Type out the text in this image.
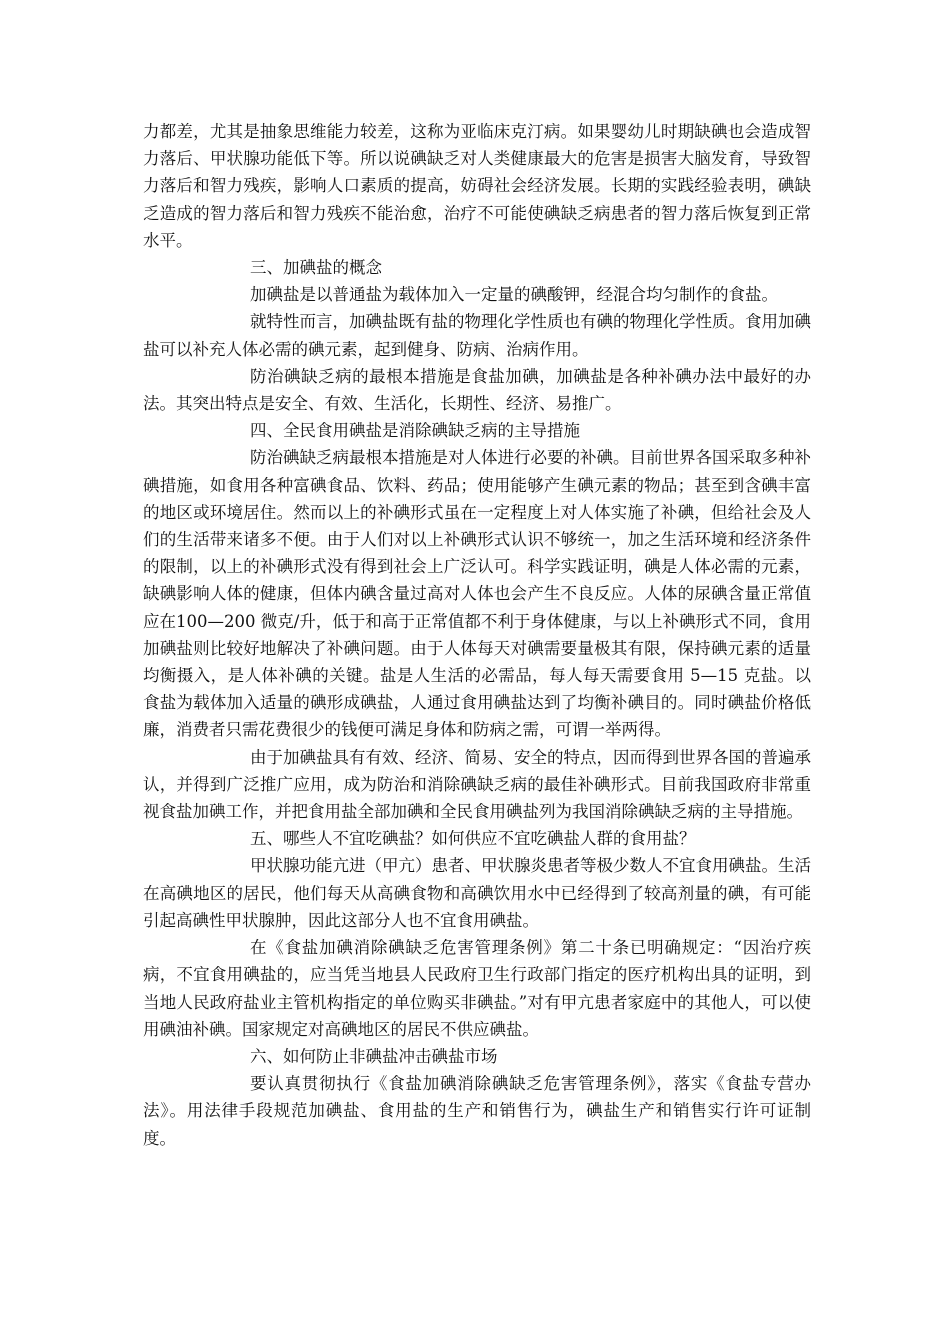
力都差，尤其是抽象思维能力较差，这称为亚临床克汀病。如果婴幼儿时期缺碘也会造成智力落后、甲状腺功能低下等。所以说碘缺乏对人类健康最大的危害是损害大脑发育，导致智力落后和智力残疾，影响人口素质的提高，妨碍社会经济发展。长期的实践经验表明，碘缺乏造成的智力落后和智力残疾不能治愈，治疗不可能使碘缺乏病患者的智力落后恢复到正常水平。

三、加碘盐的概念

加碘盐是以普通盐为载体加入一定量的碘酸钾，经混合均匀制作的食盐。

就特性而言，加碘盐既有盐的物理化学性质也有碘的物理化学性质。食用加碘盐可以补充人体必需的碘元素，起到健身、防病、治病作用。

防治碘缺乏病的最根本措施是食盐加碘，加碘盐是各种补碘办法中最好的办法。其突出特点是安全、有效、生活化，长期性、经济、易推广。

四、全民食用碘盐是消除碘缺乏病的主导措施

防治碘缺乏病最根本措施是对人体进行必要的补碘。目前世界各国采取多种补碘措施，如食用各种富碘食品、饮料、药品；使用能够产生碘元素的物品；甚至到含碘丰富的地区或环境居住。然而以上的补碘形式虽在一定程度上对人体实施了补碘，但给社会及人们的生活带来诸多不便。由于人们对以上补碘形式认识不够统一，加之生活环境和经济条件的限制，以上的补碘形式没有得到社会上广泛认可。科学实践证明，碘是人体必需的元素，缺碘影响人体的健康，但体内碘含量过高对人体也会产生不良反应。人体的尿碘含量正常值应在100—200 微克/升，低于和高于正常值都不利于身体健康，与以上补碘形式不同，食用加碘盐则比较好地解决了补碘问题。由于人体每天对碘需要量极其有限，保持碘元素的适量均衡摄入，是人体补碘的关键。盐是人生活的必需品，每人每天需要食用 5—15 克盐。以食盐为载体加入适量的碘形成碘盐，人通过食用碘盐达到了均衡补碘目的。同时碘盐价格低廉，消费者只需花费很少的钱便可满足身体和防病之需，可谓一举两得。

由于加碘盐具有有效、经济、简易、安全的特点，因而得到世界各国的普遍承认，并得到广泛推广应用，成为防治和消除碘缺乏病的最佳补碘形式。目前我国政府非常重视食盐加碘工作，并把食用盐全部加碘和全民食用碘盐列为我国消除碘缺乏病的主导措施。

五、哪些人不宜吃碘盐？如何供应不宜吃碘盐人群的食用盐？

甲状腺功能亢进（甲亢）患者、甲状腺炎患者等极少数人不宜食用碘盐。生活在高碘地区的居民，他们每天从高碘食物和高碘饮用水中已经得到了较高剂量的碘，有可能引起高碘性甲状腺肿，因此这部分人也不宜食用碘盐。

在《食盐加碘消除碘缺乏危害管理条例》第二十条已明确规定：“因治疗疾病，不宜食用碘盐的，应当凭当地县人民政府卫生行政部门指定的医疗机构出具的证明，到当地人民政府盐业主管机构指定的单位购买非碘盐。”对有甲亢患者家庭中的其他人，可以使用碘油补碘。国家规定对高碘地区的居民不供应碘盐。

六、如何防止非碘盐冲击碘盐市场

要认真贯彻执行《食盐加碘消除碘缺乏危害管理条例》，落实《食盐专营办法》。用法律手段规范加碘盐、食用盐的生产和销售行为，碘盐生产和销售实行许可证制度。
